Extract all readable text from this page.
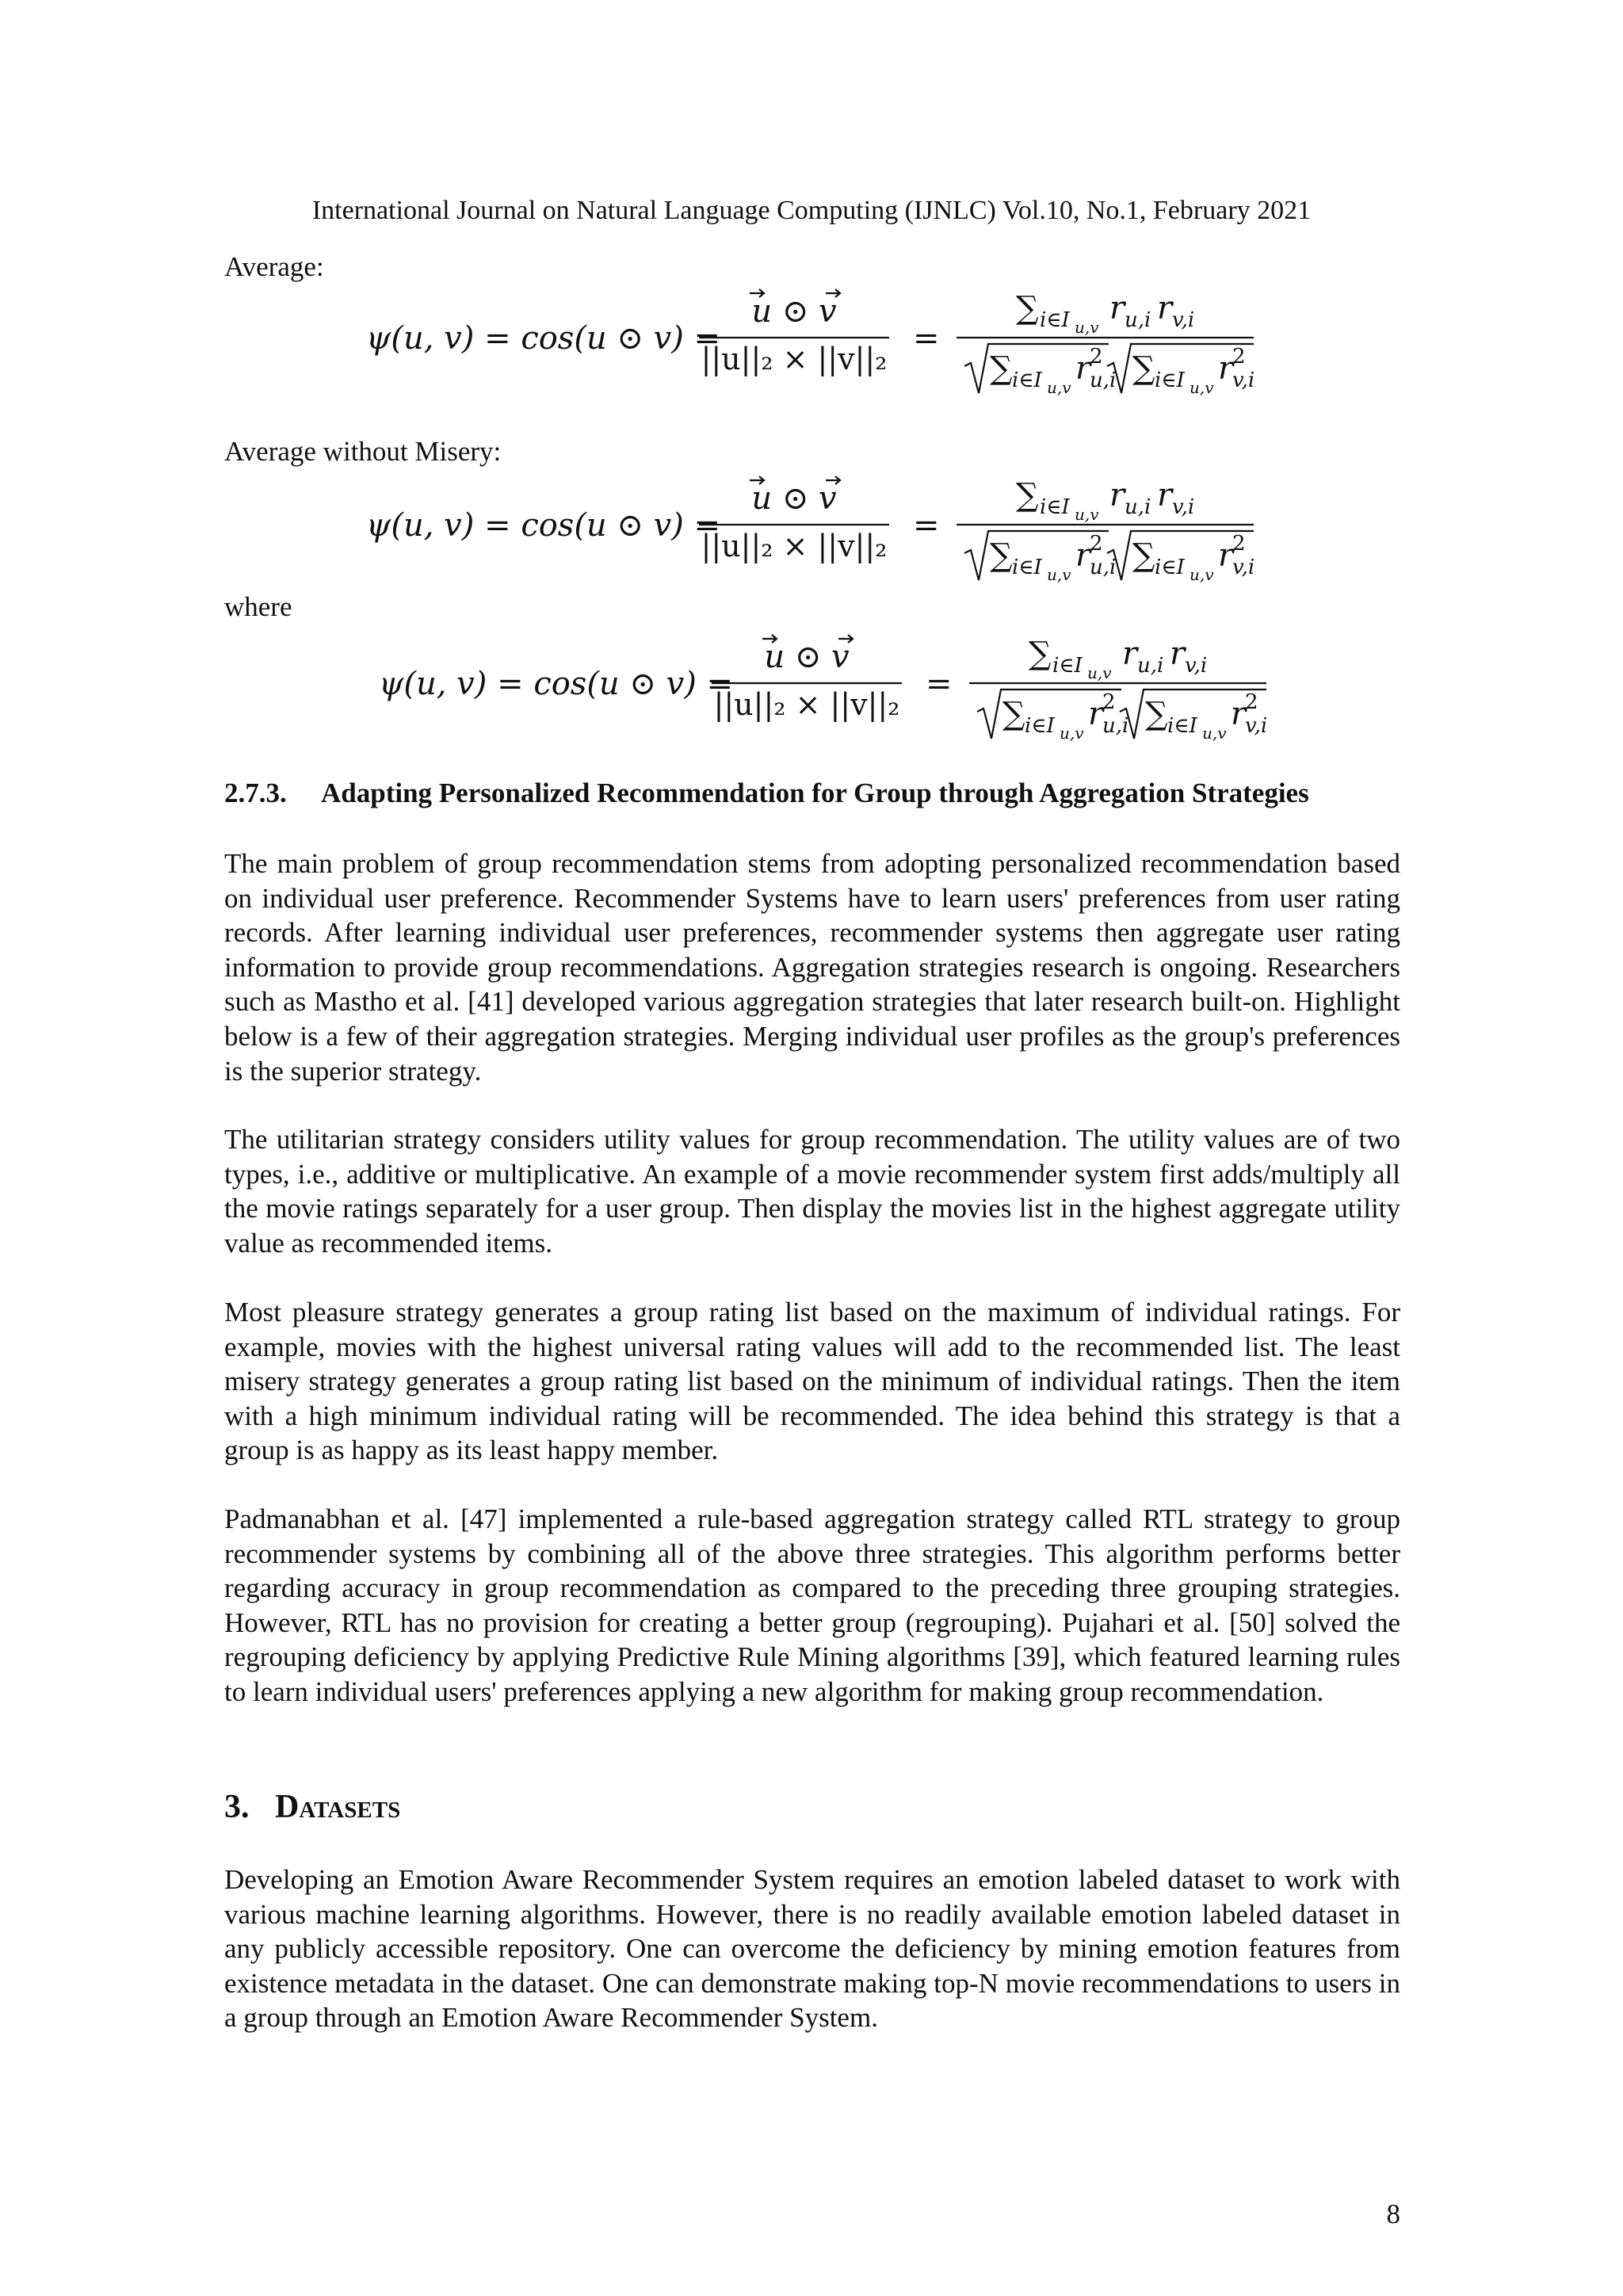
International Journal on Natural Language Computing (IJNLC) Vol.10, No.1, February 2021
Average:
Average without Misery:
where
ψ(u, v) = cos(u ⊙ v) =
u ⊙ v
||u||₂ × ||v||₂
=
∑ i∈I u,v
r u,i r v,i
∑ i∈I u,v
r
2
u,i ∑ i∈I u,v
r
2
v,i
ψ(u, v) = cos(u ⊙ v) =
u ⊙ v
||u||₂ × ||v||₂
=
∑ i∈I u,v
r u,i r v,i
∑ i∈I u,v
r
2
u,i ∑ i∈I u,v
r
2
v,i
ψ(u, v) = cos(u ⊙ v) =
u ⊙ v
||u||₂ × ||v||₂
=
∑ i∈I u,v
r u,i r v,i
∑ i∈I u,v
r
2
u,i ∑ i∈I u,v
r
2
v,i
2.7.3. Adapting Personalized Recommendation for Group through Aggregation Strategies
The main problem of group recommendation stems from adopting personalized recommendation based on individual user preference. Recommender Systems have to learn users' preferences from user rating records. After learning individual user preferences, recommender systems then aggregate user rating information to provide group recommendations. Aggregation strategies research is ongoing. Researchers such as Mastho et al. [41] developed various aggregation strategies that later research built-on. Highlight below is a few of their aggregation strategies. Merging individual user profiles as the group's preferences is the superior strategy.
The utilitarian strategy considers utility values for group recommendation. The utility values are of two types, i.e., additive or multiplicative. An example of a movie recommender system first adds/multiply all the movie ratings separately for a user group. Then display the movies list in the highest aggregate utility value as recommended items.
Most pleasure strategy generates a group rating list based on the maximum of individual ratings. For example, movies with the highest universal rating values will add to the recommended list. The least misery strategy generates a group rating list based on the minimum of individual ratings. Then the item with a high minimum individual rating will be recommended. The idea behind this strategy is that a group is as happy as its least happy member.
Padmanabhan et al. [47] implemented a rule-based aggregation strategy called RTL strategy to group recommender systems by combining all of the above three strategies. This algorithm performs better regarding accuracy in group recommendation as compared to the preceding three grouping strategies. However, RTL has no provision for creating a better group (regrouping). Pujahari et al. [50] solved the regrouping deficiency by applying Predictive Rule Mining algorithms [39], which featured learning rules to learn individual users' preferences applying a new algorithm for making group recommendation.
3. Datasets
Developing an Emotion Aware Recommender System requires an emotion labeled dataset to work with various machine learning algorithms. However, there is no readily available emotion labeled dataset in any publicly accessible repository. One can overcome the deficiency by mining emotion features from existence metadata in the dataset. One can demonstrate making top-N movie recommendations to users in a group through an Emotion Aware Recommender System.
8
